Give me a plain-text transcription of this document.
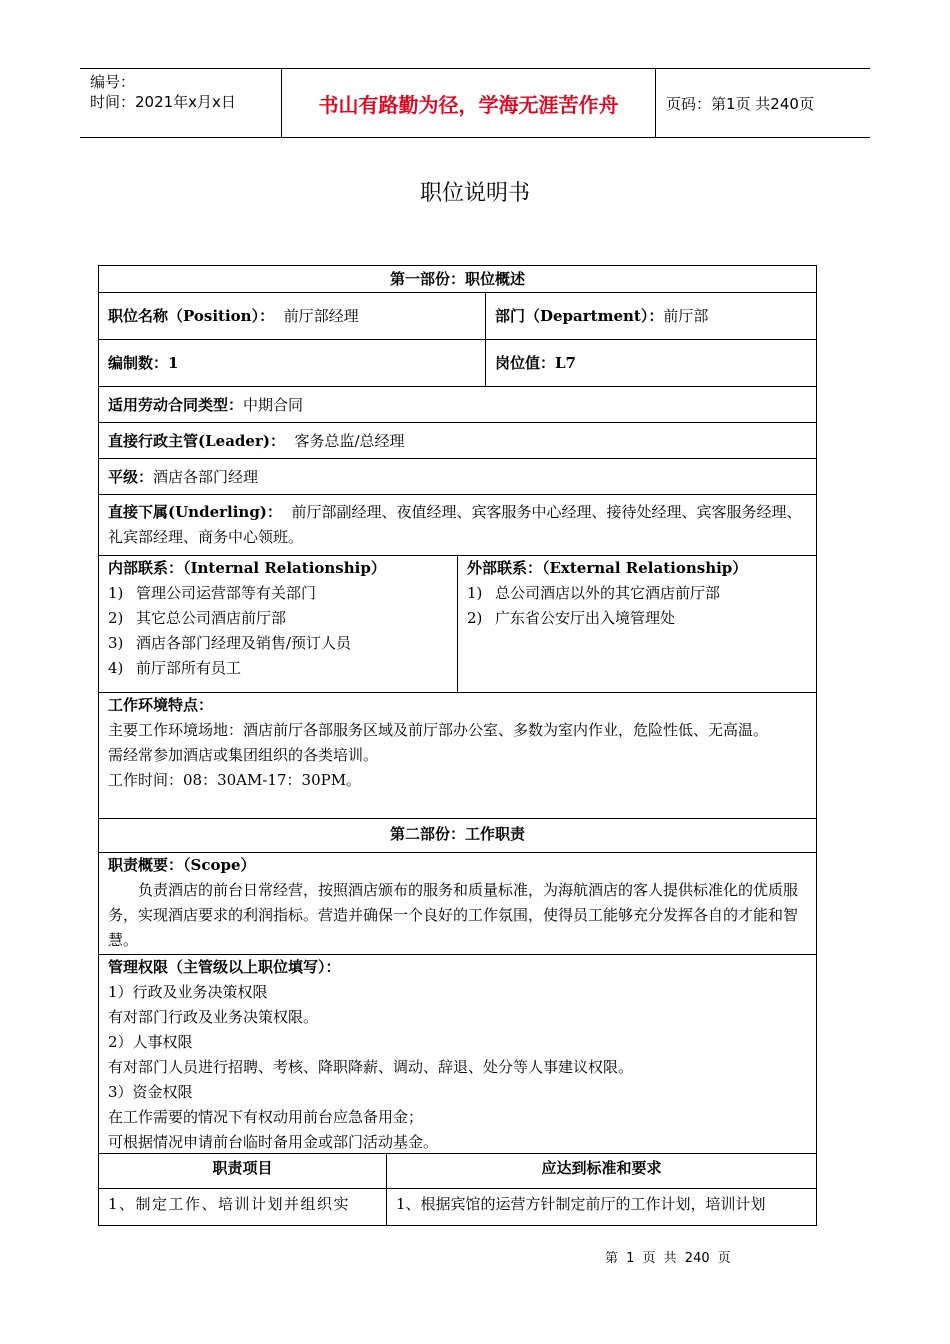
编号：
时间：2021年x月x日	书山有路勤为径，学海无涯苦作舟	页码：第1页 共240页
职位说明书
第一部份：职位概述
职位名称（Position）： 前厅部经理	部门（Department）：前厅部
编制数：1	岗位值：L7
适用劳动合同类型：中期合同
直接行政主管(Leader)： 客务总监/总经理
平级：酒店各部门经理
直接下属(Underling)： 前厅部副经理、夜值经理、宾客服务中心经理、接待处经理、宾客服务经理、礼宾部经理、商务中心领班。
内部联系：（Internal Relationship）
1) 管理公司运营部等有关部门
2) 其它总公司酒店前厅部
3) 酒店各部门经理及销售/预订人员
4) 前厅部所有员工
外部联系：（External Relationship）
1) 总公司酒店以外的其它酒店前厅部
2) 广东省公安厅出入境管理处
工作环境特点：
主要工作环境场地：酒店前厅各部服务区域及前厅部办公室、多数为室内作业，危险性低、无高温。
需经常参加酒店或集团组织的各类培训。
工作时间：08：30AM-17：30PM。
第二部份：工作职责
职责概要：（Scope）
负责酒店的前台日常经营，按照酒店颁布的服务和质量标准，为海航酒店的客人提供标准化的优质服务，实现酒店要求的利润指标。营造并确保一个良好的工作氛围，使得员工能够充分发挥各自的才能和智慧。
管理权限（主管级以上职位填写）：
1）行政及业务决策权限
有对部门行政及业务决策权限。
2）人事权限
有对部门人员进行招聘、考核、降职降薪、调动、辞退、处分等人事建议权限。
3）资金权限
在工作需要的情况下有权动用前台应急备用金；
可根据情况申请前台临时备用金或部门活动基金。
职责项目	应达到标准和要求
1、制定工作、培训计划并组织实	1、根据宾馆的运营方针制定前厅的工作计划，培训计划
第 1 页 共 240 页
